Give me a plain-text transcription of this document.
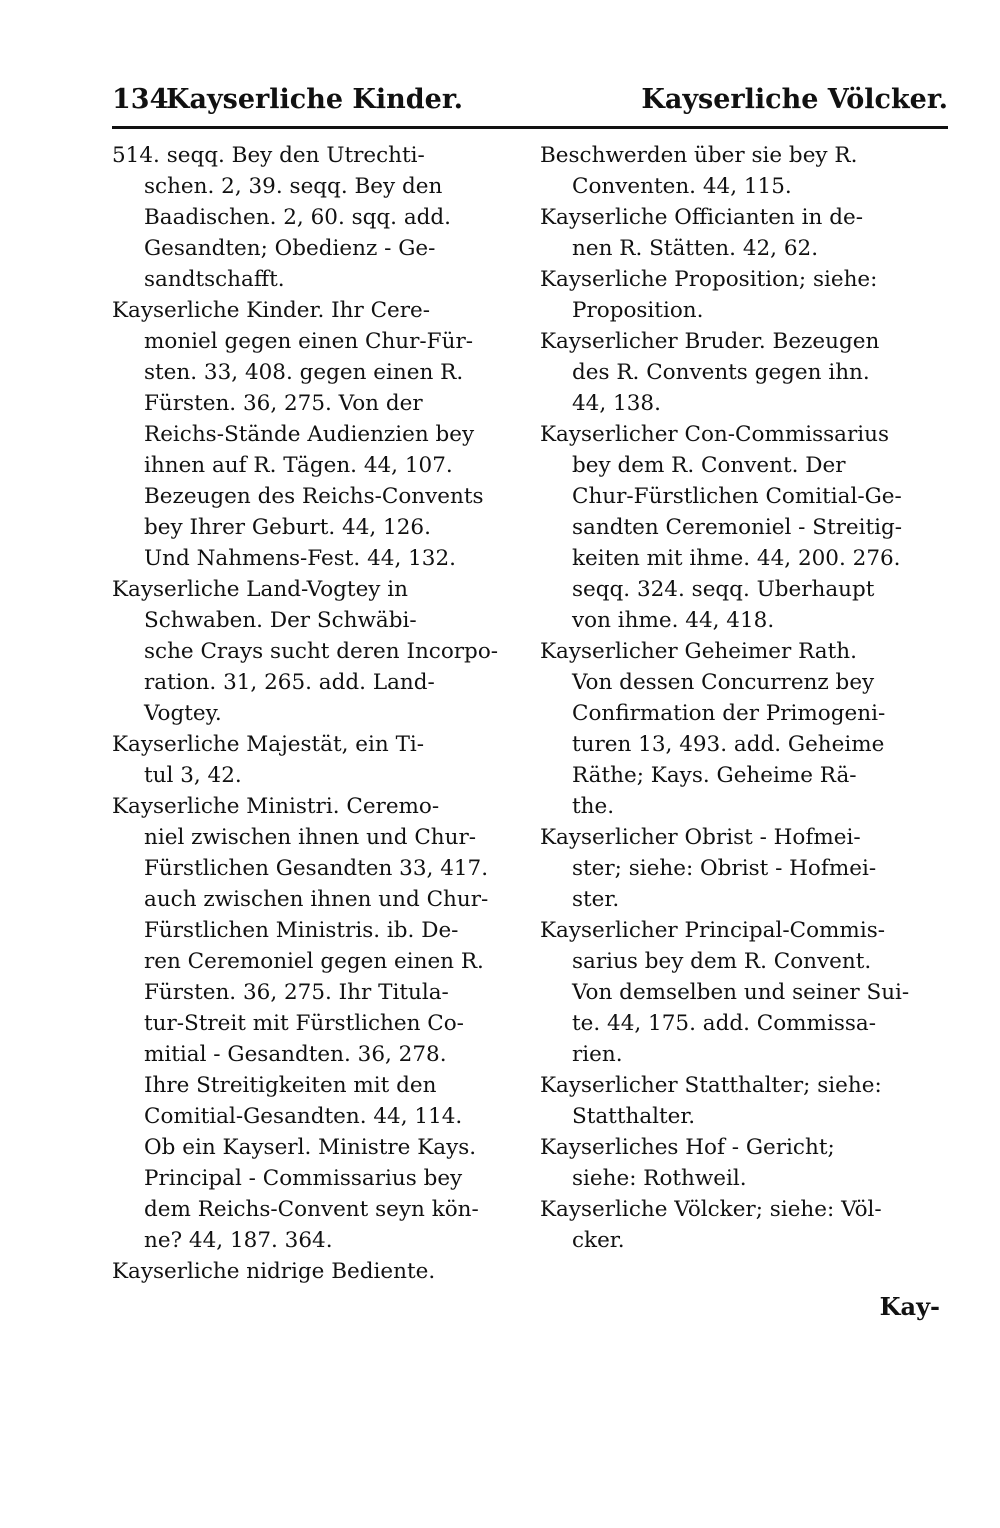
134
Kayserliche Kinder.	Kayserliche Völcker.

514. seqq. Bey den Utrechti-
schen. 2, 39. seqq. Bey den
Baadischen. 2, 60. sqq. add.
Gesandten; Obedienz - Ge-
sandtschafft.

Kayserliche Kinder. Ihr Cere-
moniel gegen einen Chur-Für-
sten. 33, 408. gegen einen R.
Fürsten. 36, 275. Von der
Reichs-Stände Audienzien bey
ihnen auf R. Tägen. 44, 107.
Bezeugen des Reichs-Convents
bey Ihrer Geburt. 44, 126.
Und Nahmens-Fest. 44, 132.

Kayserliche Land-Vogtey in
Schwaben. Der Schwäbi-
sche Crays sucht deren Incorpo-
ration. 31, 265. add. Land-
Vogtey.

Kayserliche Majestät, ein Ti-
tul 3, 42.

Kayserliche Ministri. Ceremo-
niel zwischen ihnen und Chur-
Fürstlichen Gesandten 33, 417.
auch zwischen ihnen und Chur-
Fürstlichen Ministris. ib. De-
ren Ceremoniel gegen einen R.
Fürsten. 36, 275. Ihr Titula-
tur-Streit mit Fürstlichen Co-
mitial - Gesandten. 36, 278.
Ihre Streitigkeiten mit den
Comitial-Gesandten. 44, 114.
Ob ein Kayserl. Ministre Kays.
Principal - Commissarius bey
dem Reichs-Convent seyn kön-
ne? 44, 187. 364.

Kayserliche nidrige Bediente.

Beschwerden über sie bey R.
Conventen. 44, 115.

Kayserliche Officianten in de-
nen R. Stätten. 42, 62.

Kayserliche Proposition; siehe:
Proposition.

Kayserlicher Bruder. Bezeugen
des R. Convents gegen ihn.
44, 138.

Kayserlicher Con-Commissarius
bey dem R. Convent. Der
Chur-Fürstlichen Comitial-Ge-
sandten Ceremoniel - Streitig-
keiten mit ihme. 44, 200. 276.
seqq. 324. seqq. Uberhaupt
von ihme. 44, 418.

Kayserlicher Geheimer Rath.
Von dessen Concurrenz bey
Confirmation der Primogeni-
turen 13, 493. add. Geheime
Räthe; Kays. Geheime Rä-
the.

Kayserlicher Obrist - Hofmei-
ster; siehe: Obrist - Hofmei-
ster.

Kayserlicher Principal-Commis-
sarius bey dem R. Convent.
Von demselben und seiner Sui-
te. 44, 175. add. Commissa-
rien.

Kayserlicher Statthalter; siehe:
Statthalter.

Kayserliches Hof - Gericht;
siehe: Rothweil.

Kayserliche Völcker; siehe: Völ-
cker.

Kay-
